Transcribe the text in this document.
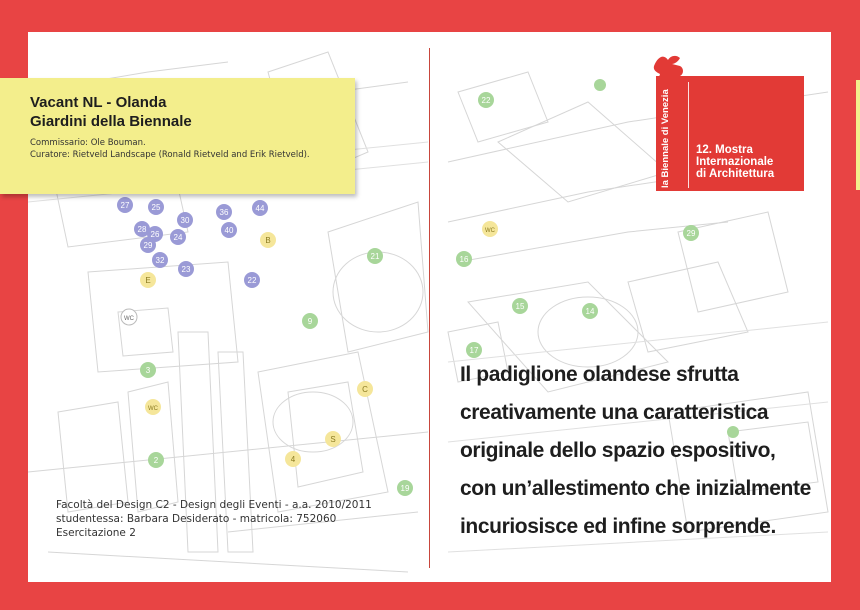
27	25
28
26
30
44
36
40
24
29
32
23
22
B
E
C
S
4
WC
WC
WC
21
9
3
2
19
22
16
15
14
17
29
Vacant NL - Olanda
Giardini della Biennale
Commissario: Ole Bouman.
Curatore: Rietveld Landscape (Ronald Rietveld and Erik Rietveld).	la Biennale di Venezia 12. Mostra
Internazionale
di Architettura
Il padiglione olandese sfrutta
creativamente una caratteristica
originale dello spazio espositivo,
con un’allestimento che inizialmente
incuriosisce ed infine sorprende.
Facoltà del Design C2 - Design degli Eventi - a.a. 2010/2011
studentessa: Barbara Desiderato - matricola: 752060
Esercitazione 2
